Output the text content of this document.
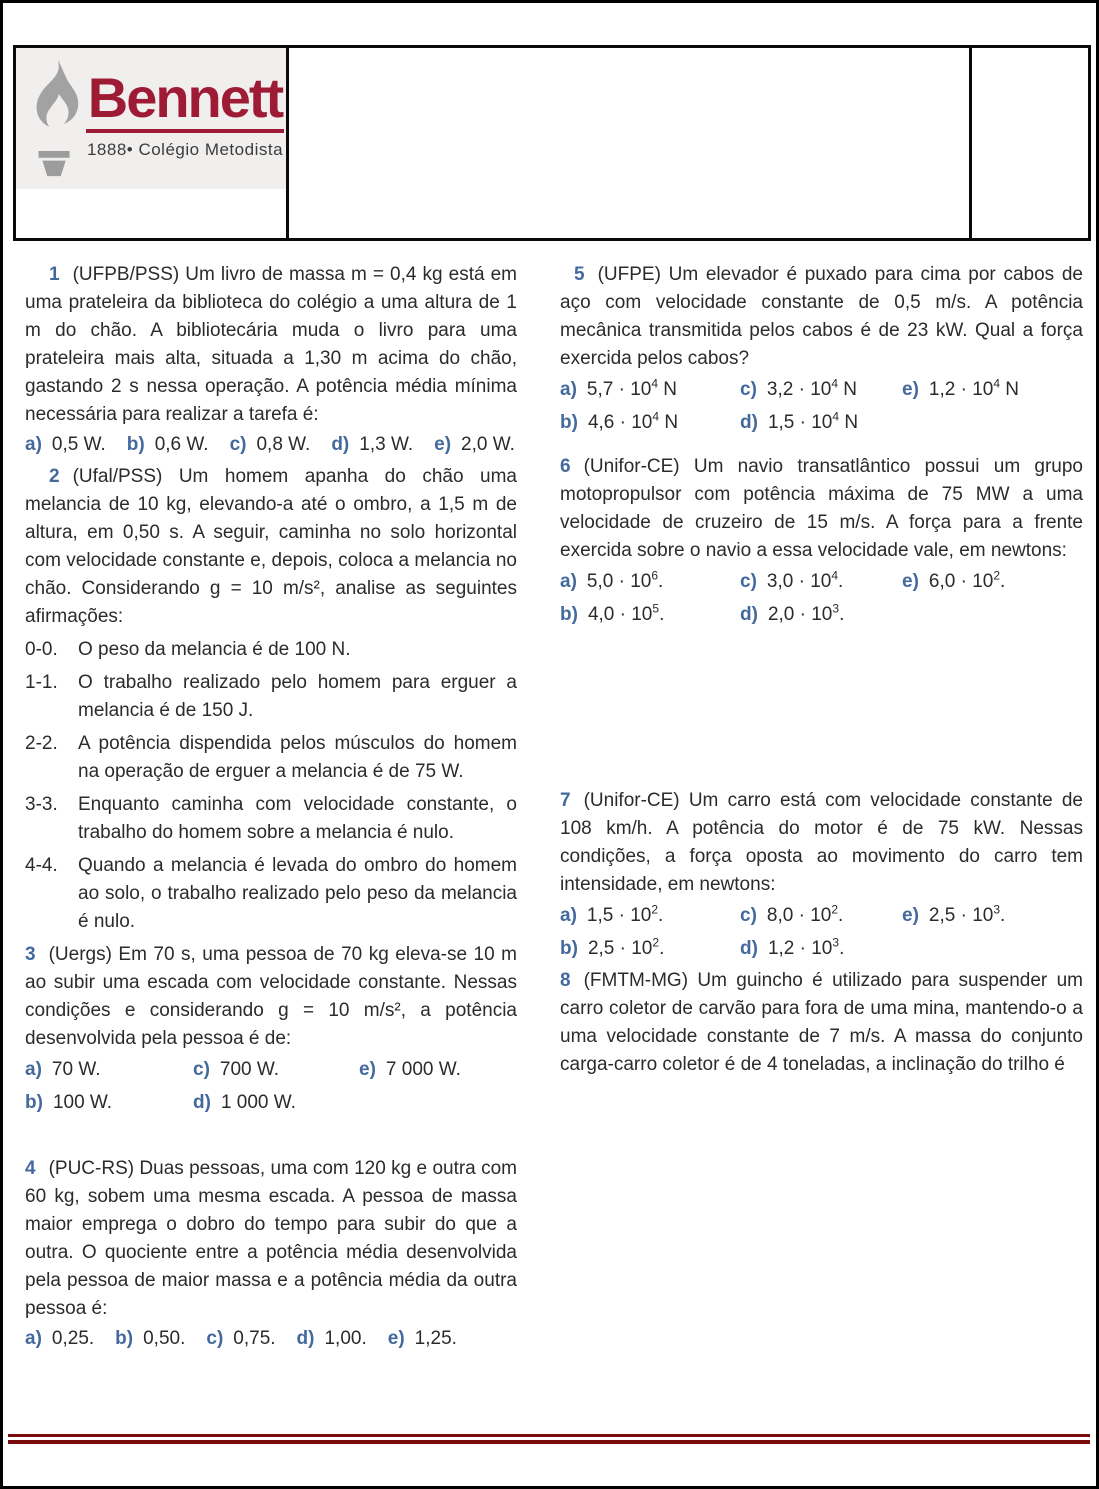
Bennett
1888• Colégio Metodista

1 (UFPB/PSS) Um livro de massa m = 0,4 kg está em uma prateleira da biblioteca do colégio a uma altura de 1 m do chão. A bibliotecária muda o livro para uma prateleira mais alta, situada a 1,30 m acima do chão, gastando 2 s nessa operação. A potência média mínima necessária para realizar a tarefa é:

a) 0,5 W. b) 0,6 W. c) 0,8 W. d) 1,3 W. e) 2,0 W.

2 (Ufal/PSS) Um homem apanha do chão uma melancia de 10 kg, elevando-a até o ombro, a 1,5 m de altura, em 0,50 s. A seguir, caminha no solo horizontal com velocidade constante e, depois, coloca a melancia no chão. Considerando g = 10 m/s², analise as seguintes afirmações:

0-0.	O peso da melancia é de 100 N.
1-1.	O trabalho realizado pelo homem para erguer a melancia é de 150 J.
2-2.	A potência dispendida pelos músculos do homem na operação de erguer a melancia é de 75 W.
3-3.	Enquanto caminha com velocidade constante, o trabalho do homem sobre a melancia é nulo.
4-4.	Quando a melancia é levada do ombro do homem ao solo, o trabalho realizado pelo peso da melancia é nulo.

3 (Uergs) Em 70 s, uma pessoa de 70 kg eleva-se 10 m ao subir uma escada com velocidade constante. Nessas condições e considerando g = 10 m/s², a potência desenvolvida pela pessoa é de:

a) 70 W.	c) 700 W.	e) 7 000 W.
b) 100 W.	d) 1 000 W.

4 (PUC-RS) Duas pessoas, uma com 120 kg e outra com 60 kg, sobem uma mesma escada. A pessoa de massa maior emprega o dobro do tempo para subir do que a outra. O quociente entre a potência média desenvolvida pela pessoa de maior massa e a potência média da outra pessoa é:

a) 0,25. b) 0,50. c) 0,75. d) 1,00. e) 1,25.

5 (UFPE) Um elevador é puxado para cima por cabos de aço com velocidade constante de 0,5 m/s. A potência mecânica transmitida pelos cabos é de 23 kW. Qual a força exercida pelos cabos?

a) $5,7 \cdot 10^4$ N	c) $3,2 \cdot 10^4$ N	e) $1,2 \cdot 10^4$ N
b) $4,6 \cdot 10^4$ N	d) $1,5 \cdot 10^4$ N

6 (Unifor-CE) Um navio transatlântico possui um grupo motopropulsor com potência máxima de 75 MW a uma velocidade de cruzeiro de 15 m/s. A força para a frente exercida sobre o navio a essa velocidade vale, em newtons:

a) $5,0 \cdot 10^6$.	c) $3,0 \cdot 10^4$.	e) $6,0 \cdot 10^2$.
b) $4,0 \cdot 10^5$.	d) $2,0 \cdot 10^3$.

7 (Unifor-CE) Um carro está com velocidade constante de 108 km/h. A potência do motor é de 75 kW. Nessas condições, a força oposta ao movimento do carro tem intensidade, em newtons:

a) $1,5 \cdot 10^2$.	c) $8,0 \cdot 10^2$.	e) $2,5 \cdot 10^3$.
b) $2,5 \cdot 10^2$.	d) $1,2 \cdot 10^3$.

8 (FMTM-MG) Um guincho é utilizado para suspender um carro coletor de carvão para fora de uma mina, mantendo-o a uma velocidade constante de 7 m/s. A massa do conjunto carga-carro coletor é de 4 toneladas, a inclinação do trilho é
